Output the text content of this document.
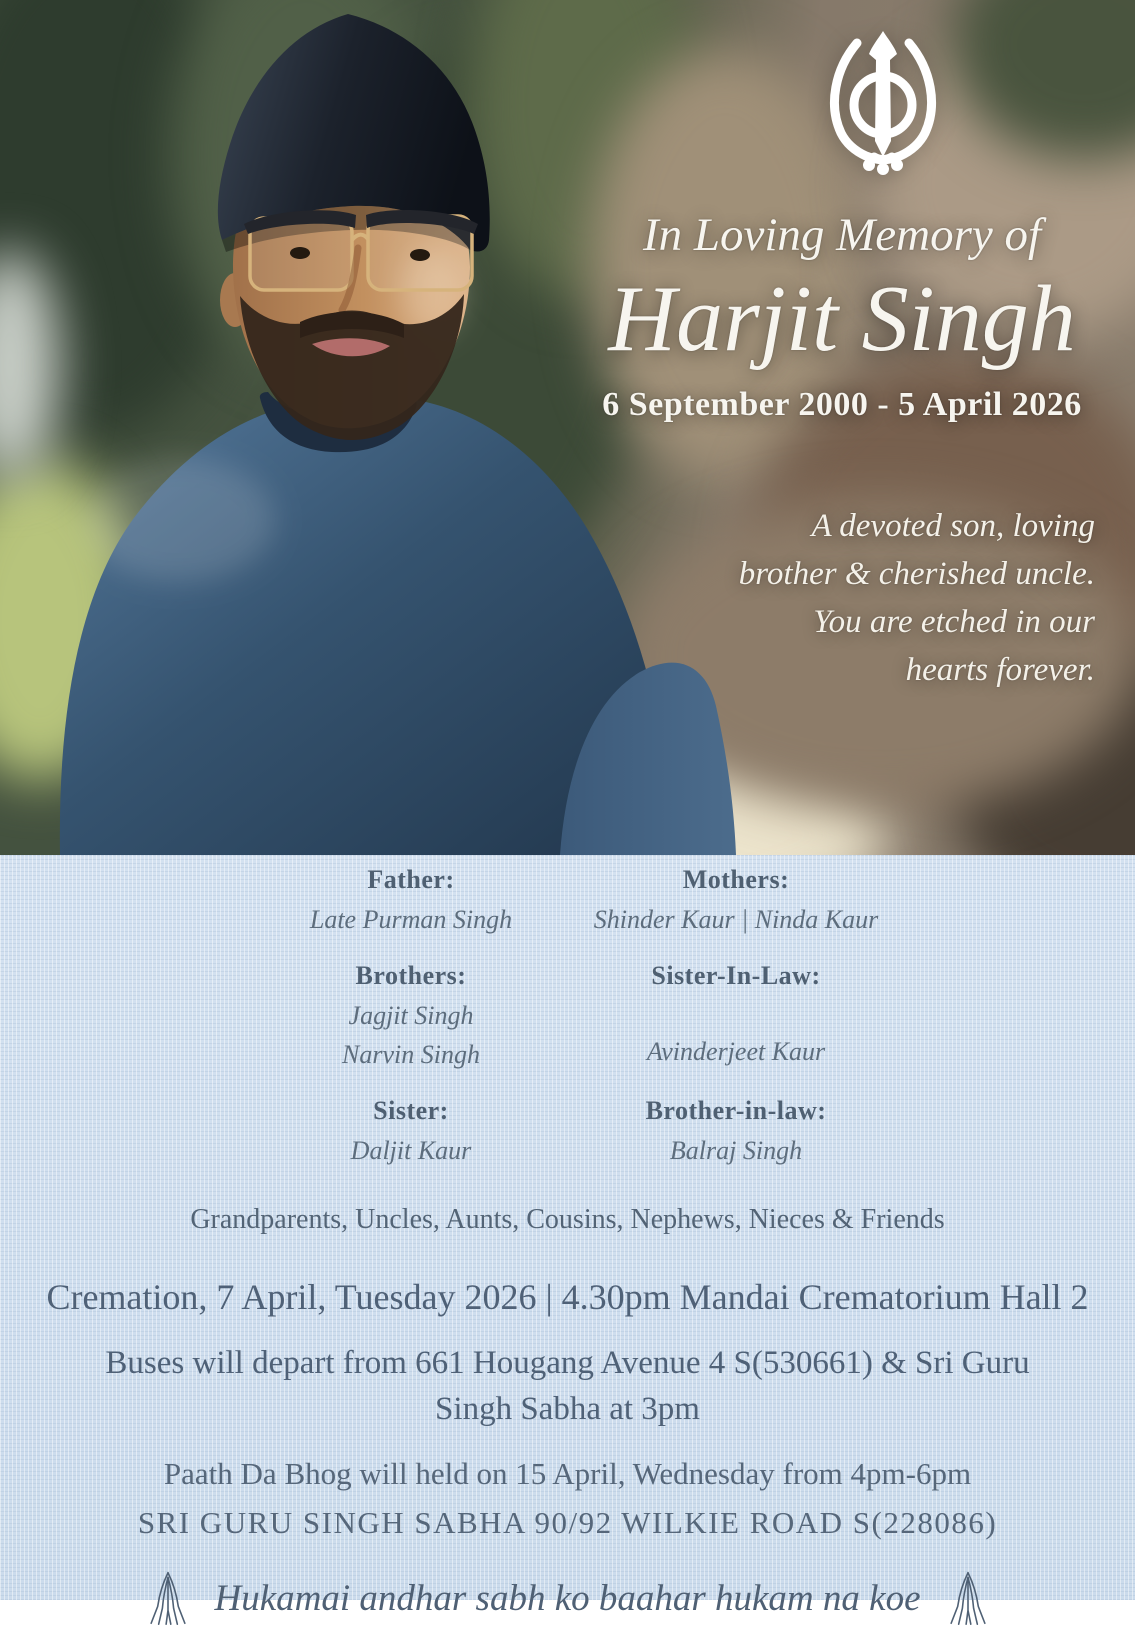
In Loving Memory of
Harjit Singh
6 September 2000 - 5 April 2026
A devoted son, loving
brother & cherished uncle.
You are etched in our
hearts forever.
Father:
Late Purman Singh
Mothers:
Shinder Kaur | Ninda Kaur
Brothers:
Jagjit Singh
Narvin Singh
Sister-In-Law:
Avinderjeet Kaur
Sister:
Daljit Kaur
Brother-in-law:
Balraj Singh
Grandparents, Uncles, Aunts, Cousins, Nephews, Nieces & Friends
Cremation, 7 April, Tuesday 2026 | 4.30pm Mandai Crematorium Hall 2
Buses will depart from 661 Hougang Avenue 4 S(530661) & Sri Guru
Singh Sabha at 3pm
Paath Da Bhog will held on 15 April, Wednesday from 4pm-6pm
SRI GURU SINGH SABHA 90/92 WILKIE ROAD S(228086)
Hukamai andhar sabh ko baahar hukam na koe
